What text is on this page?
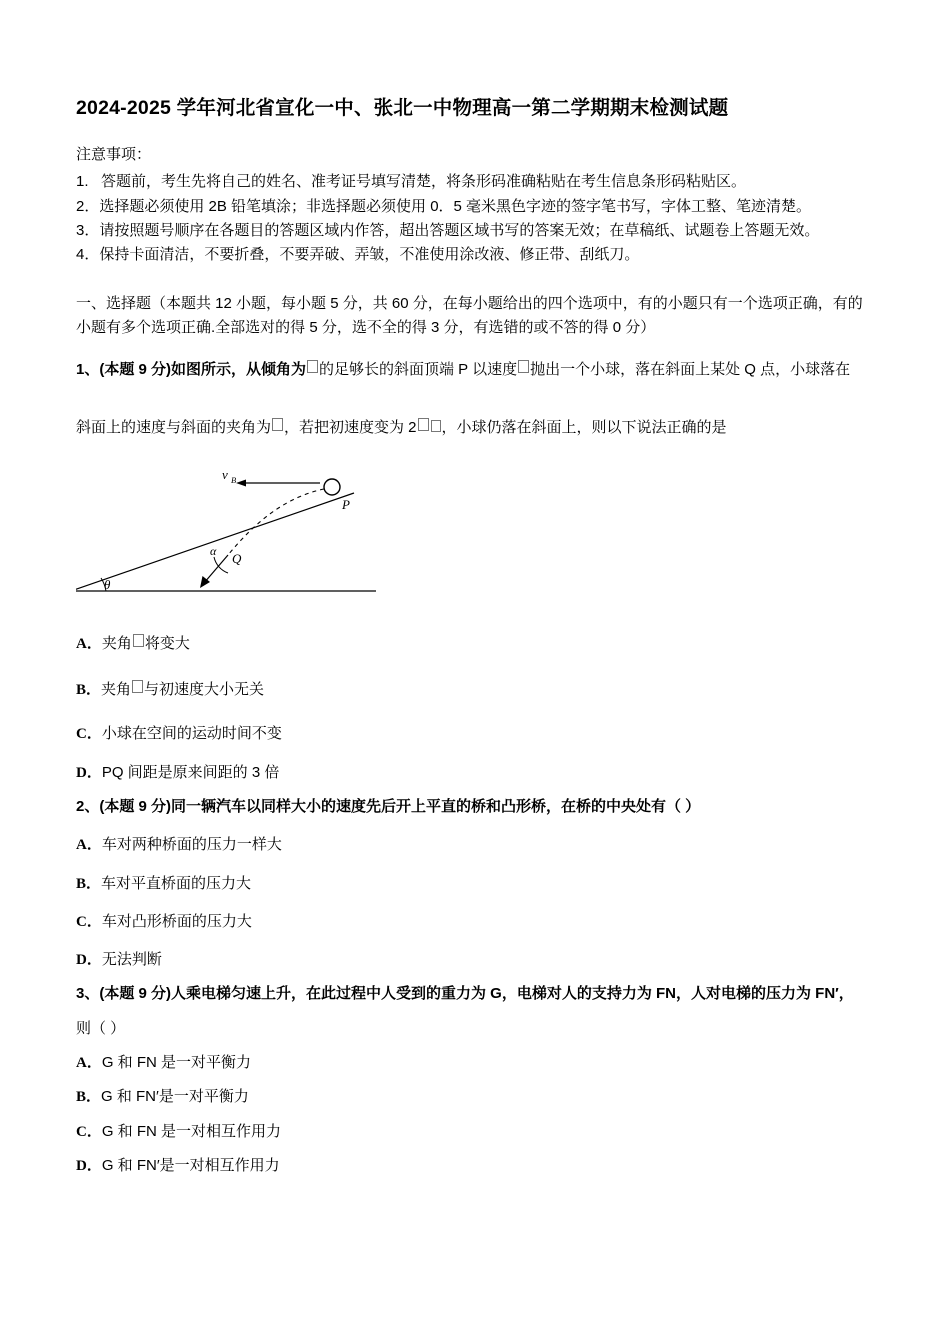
2024-2025 学年河北省宣化一中、张北一中物理高一第二学期期末检测试题
注意事项：
1.   答题前，考生先将自己的姓名、准考证号填写清楚，将条形码准确粘贴在考生信息条形码粘贴区。
2．选择题必须使用 2B 铅笔填涂；非选择题必须使用 0．5 毫米黑色字迹的签字笔书写，字体工整、笔迹清楚。
3．请按照题号顺序在各题目的答题区域内作答，超出答题区域书写的答案无效；在草稿纸、试题卷上答题无效。
4．保持卡面清洁，不要折叠，不要弄破、弄皱，不准使用涂改液、修正带、刮纸刀。
一、选择题（本题共 12 小题，每小题 5 分，共 60 分，在每小题给出的四个选项中，有的小题只有一个选项正确，有的
小题有多个选项正确.全部选对的得 5 分，选不全的得 3 分，有选错的或不答的得 0 分）
1、(本题 9 分)如图所示，从倾角为 的足够长的斜面顶端 P 以速度 抛出一个小球，落在斜面上某处 Q 点，小球落在
斜面上的速度与斜面的夹角为 ，若把初速度变为 2 ，小球仍落在斜面上，则以下说法正确的是
v B
P
Q
α
θ
A．夹角 将变大
B．夹角 与初速度大小无关
C．小球在空间的运动时间不变
D．PQ 间距是原来间距的 3 倍
2、(本题 9 分)同一辆汽车以同样大小的速度先后开上平直的桥和凸形桥，在桥的中央处有（ ）
A．车对两种桥面的压力一样大
B．车对平直桥面的压力大
C．车对凸形桥面的压力大
D．无法判断
3、(本题 9 分)人乘电梯匀速上升，在此过程中人受到的重力为 G，电梯对人的支持力为 FN，人对电梯的压力为 FN′，
则（ ）
A．G 和 FN 是一对平衡力
B．G 和 FN′是一对平衡力
C．G 和 FN 是一对相互作用力
D．G 和 FN′是一对相互作用力
